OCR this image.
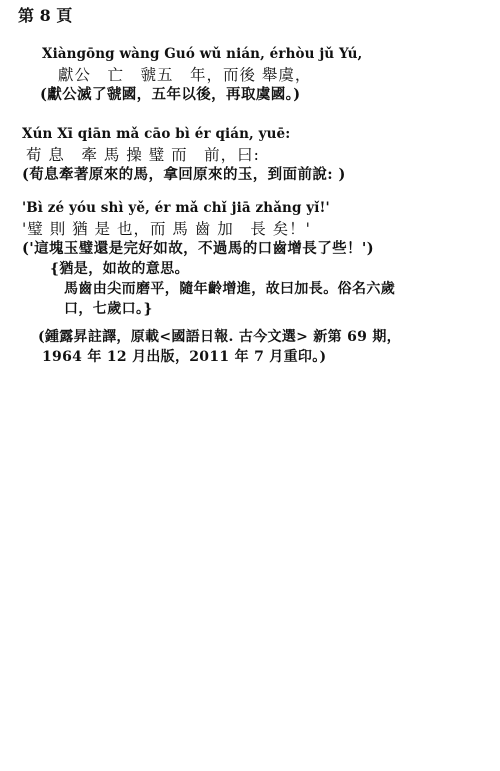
第 8 頁
Xiàngōng wàng Guó wǔ nián, érhòu jǔ Yú,
獻公　亡　虢五　年，而後 舉虞，
(獻公滅了虢國，五年以後，再取虞國。)
Xún Xī qiān mǎ cāo bì ér qián, yuē:
荀 息　牽 馬 操 璧 而　前，曰:
(荀息牽著原來的馬，拿回原來的玉，到面前說: )
'Bì zé yóu shì yě, ér mǎ chǐ jiā zhǎng yǐ!'
'璧 則 猶 是 也，而 馬 齒 加　長 矣！'
('這塊玉璧還是完好如故，不過馬的口齒增長了些！')
{猶是，如故的意思。
馬齒由尖而磨平，隨年齡增進，故曰加長。俗名六歲
口，七歲口。}
(鍾露昇註譯，原載<國語日報. 古今文選> 新第 69 期，
1964 年 12 月出版，2011 年 7 月重印。)
